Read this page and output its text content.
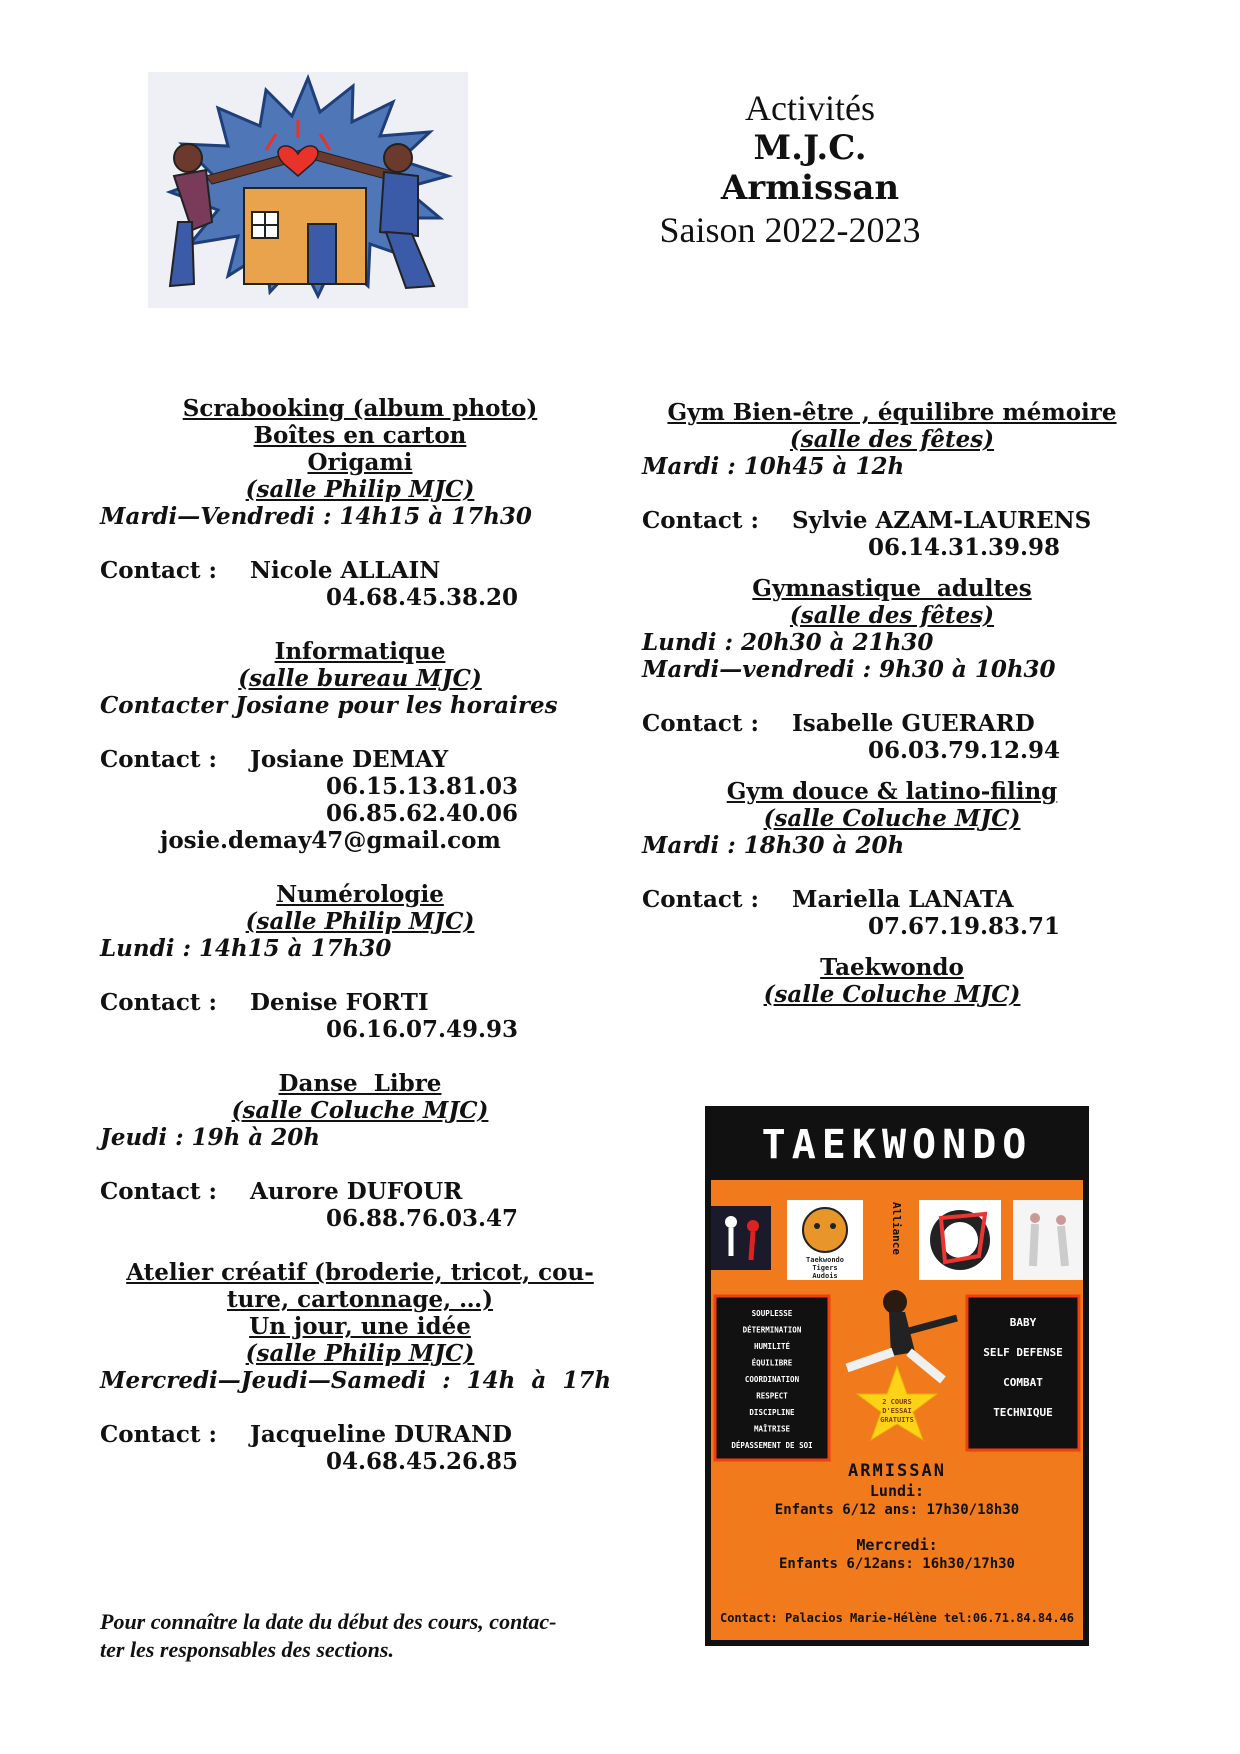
Activités
M.J.C.
Armissan
Saison 2022-2023

Scrabooking (album photo)

Boîtes en carton

Origami

(salle Philip MJC)

Mardi—Vendredi : 14h15 à 17h30

Contact : Nicole ALLAIN

04.68.45.38.20

Informatique

(salle bureau MJC)

Contacter Josiane pour les horaires

Contact : Josiane DEMAY

06.15.13.81.03

06.85.62.40.06

josie.demay47@gmail.com

Numérologie

(salle Philip MJC)

Lundi : 14h15 à 17h30

Contact : Denise FORTI

06.16.07.49.93

Danse  Libre

(salle Coluche MJC)

Jeudi : 19h à 20h

Contact : Aurore DUFOUR

06.88.76.03.47

Atelier créatif (broderie, tricot, cou-

ture, cartonnage, …)

Un jour, une idée

(salle Philip MJC)

Mercredi—Jeudi—Samedi  :  14h  à  17h

Contact : Jacqueline DURAND

04.68.45.26.85

Gym Bien-être , équilibre mémoire

(salle des fêtes)

Mardi : 10h45 à 12h

Contact : Sylvie AZAM-LAURENS

06.14.31.39.98

Gymnastique  adultes

(salle des fêtes)

Lundi : 20h30 à 21h30

Mardi—vendredi : 9h30 à 10h30

Contact : Isabelle GUERARD

06.03.79.12.94

Gym douce & latino-filing

(salle Coluche MJC)

Mardi : 18h30 à 20h

Contact : Mariella LANATA

07.67.19.83.71

Taekwondo

(salle Coluche MJC)

Pour connaître la date du début des cours, contac-
ter les responsables des sections.
TAEKWONDO
Taekwondo
Tigers
Audois
Alliance
SOUPLESSE
DÉTERMINATION
HUMILITÉ
ÉQUILIBRE
COORDINATION
RESPECT
DISCIPLINE
MAÎTRISE
DÉPASSEMENT DE SOI
BABY
SELF DEFENSE
COMBAT
TECHNIQUE
2 COURS
D'ESSAI
GRATUITS
ARMISSAN
Lundi:
Enfants 6/12 ans: 17h30/18h30
Mercredi:
Enfants 6/12ans: 16h30/17h30
Contact: Palacios Marie-Hélène tel:06.71.84.84.46
